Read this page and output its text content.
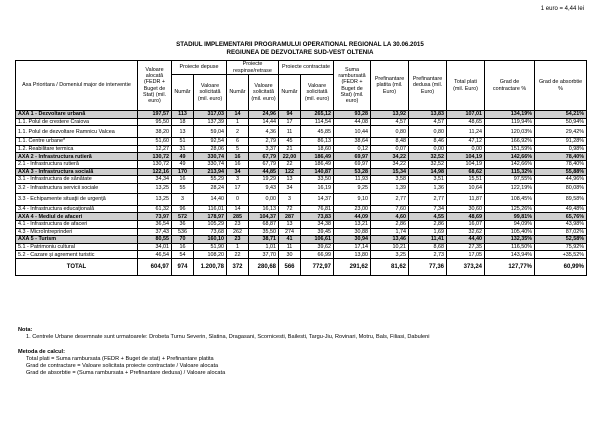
1 euro = 4,44 lei
STADIUL IMPLEMENTARII PROGRAMULUI OPERATIONAL REGIONAL LA 30.06.2015
REGIUNEA DE DEZVOLTARE SUD-VEST OLTENIA
Axa Prioritara / Domeniul major de interventie	Valoare alocată (FEDR + Buget de Stat) (mil. euro)	Proiecte depuse		Proiecte respinse/retrase		Proiecte contractate		Suma rambursată (FEDR + Buget de Stat) (mil. euro)	Prefinantare platita (mil. Euro)	Prefinantare dedusa (mil. Euro)	Total plati (mil. Euro)	Grad de contractare %	Grad de absorbtie %
		Număr	Valoare solicitată (mil. euro)	Număr	Valoare solicitată (mil. euro)	Număr	Valoare solicitată (mil. euro)						
AXA 1 - Dezvoltare urbană	197,57	113	317,03	14	24,96	94	265,12	93,28	13,92	13,83	107,01	134,19%	54,21%
1.1. Polul de crestere Craiova	95,50	18	137,39	1	14,44	17	114,54	44,08	4,57	4,57	48,65	119,94%	50,94%
1.1. Polul de dezvoltare Ramnicu Valcea	38,20	13	59,04	2	4,36	11	45,85	10,44	0,80	0,80	11,24	120,03%	29,42%
1.1. Centre urbane*	51,60	51	92,54	6	2,79	45	86,13	38,64	8,48	8,46	47,12	166,92%	91,28%
1.2. Reabilitare termica	12,27	31	28,06	5	3,37	21	18,60	0,12	0,07	0,00	0,00	151,59%	0,98%
AXA 2 - Infrastructura rutieră	130,72	49	330,74	16	67,79	22,00	186,49	69,97	34,22	32,52	104,19	142,66%	78,40%
2.1 - Infrastructura rutieră	130,72	49	330,74	16	67,79	22	186,49	69,97	34,22	32,52	104,19	142,66%	78,40%
AXA 3 - Infrastructura socială	122,16	170	213,94	34	44,85	122	140,87	53,28	15,34	14,98	68,62	115,32%	55,88%
3.1 - Infrastructura de sănătate	34,34	16	55,29	3	19,29	13	33,50	11,93	3,58	3,51	15,51	97,55%	44,96%
3.2 - Infrastructura servicii sociale	13,25	55	28,24	17	9,43	34	16,19	9,25	1,39	1,36	10,64	122,19%	80,08%
3.3 - Echipamente situaţii de urgenţă	13,25	3	14,40	0	0,00	3	14,37	9,10	2,77	2,77	11,87	108,45%	89,58%
3.4 - Infrastructura educaţională	61,32	96	116,01	14	16,13	72	76,81	23,00	7,60	7,34	30,60	125,26%	49,48%
AXA 4 - Mediul de afaceri	73,97	572	178,97	285	104,37	287	73,83	44,09	4,60	4,55	48,69	99,81%	65,76%
4.1 - Infrastructura de afaceri	36,54	36	105,29	23	68,87	13	34,38	13,21	2,86	2,86	16,07	94,09%	43,98%
4.3 - Microîntreprinderi	37,43	536	73,68	262	35,50	274	39,45	30,88	1,74	1,69	32,62	105,40%	87,02%
AXA 5 - Turism	80,55	70	160,10	23	38,71	41	106,61	30,94	13,46	11,41	44,40	132,35%	52,58%
5.1 - Patrimoniu cultural	34,01	16	51,90	1	1,01	11	39,62	17,14	10,21	8,68	27,35	116,50%	75,92%
5.2 - Cazare şi agrement turistic	46,54	54	108,20	22	37,70	30	66,99	13,80	3,25	2,73	17,05	143,94%	+35,52%
TOTAL	604,97	974	1.200,78	372	280,68	566	772,97	291,62	81,62	77,36	373,24	127,77%	60,99%
Nota:
1. Centrele Urbane desemnate sunt urmatoarele: Drobeta Turnu Severin, Slatina, Dragasani, Scornicesti, Bailesti, Targu-Jiu, Rovinari, Motru, Bals, Filiasi, Dabuleni
Metoda de calcul:
Total plati = Suma rambursata (FEDR + Buget de stat) + Prefinantare platita
Grad de contractare = Valoare solicitata proiecte contractate / Valoare alocata
Grad de absorbtie = (Suma rambursata + Prefinantare dedusa) / Valoare alocata
